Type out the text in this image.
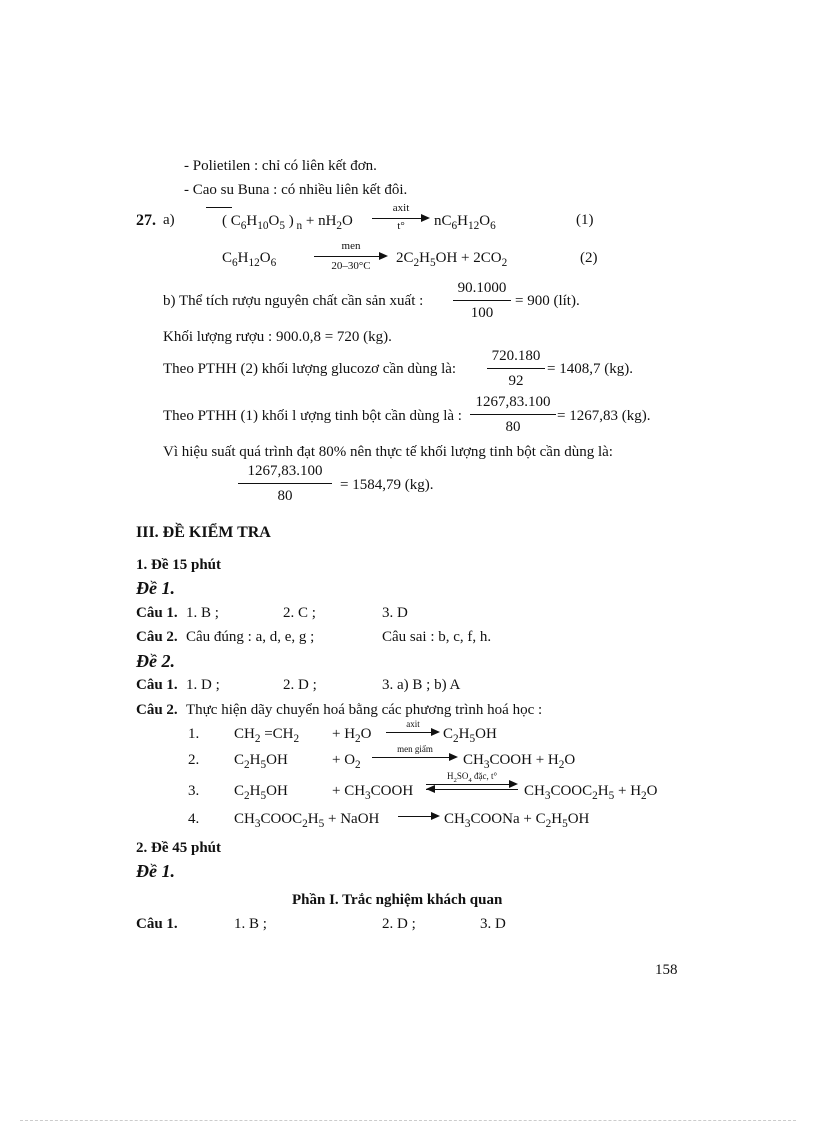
- Polietilen : chỉ có liên kết đơn.
- Cao su Buna : có nhiều liên kết đôi.
27. a)	( $C_6H_{10}O_5$ ) $_n + nH_2O$
axit
t°	$nC_6H_{12}O_6$	(1)
$C_6H_{12}O_6$
men
20–30°C	$2C_2H_5OH + 2CO_2$	(2)
b) Thể tích rượu nguyên chất cần sản xuất :
90.1000
100
= 900 (lít).
Khối lượng rượu : 900.0,8 = 720 (kg).
Theo PTHH (2) khối lượng glucozơ cần dùng là:
720.180
92
= 1408,7 (kg).
Theo PTHH (1) khối l ượng tinh bột cần dùng là :
1267,83.100
80
= 1267,83 (kg).
Vì hiệu suất quá trình đạt 80% nên thực tế khối lượng tinh bột cần dùng là:
1267,83.100
80
= 1584,79 (kg).
III. ĐỀ KIỂM TRA
1. Đề 15 phút
Đề 1.
Câu 1. 1. B ;	2. C ;	3. D
Câu 2. Câu đúng : a, d, e, g ;	Câu sai : b, c, f, h.
Đề 2.
Câu 1. 1. D ;	2. D ;	3. a) B ; b) A
Câu 2. Thực hiện dãy chuyển hoá bằng các phương trình hoá học :
1. $CH_2 =CH_2 + H_2O$
axit
$C_2H_5OH$
2. $C_2H_5OH$	+ $O_2$
men giấm
$CH_3COOH + H_2O$
3. $C_2H_5OH$	+ $CH_3COOH$
$H_2SO_4$ đặc, t°
$CH_3COOC_2H_5 + H_2O$
4. $CH_3COOC_2H_5$ + NaOH	$CH_3COONa + C_2H_5OH$
2. Đề 45 phút
Đề 1.
Phần I. Trắc nghiệm khách quan
Câu 1.	1. B ;	2. D ;	3. D
158
